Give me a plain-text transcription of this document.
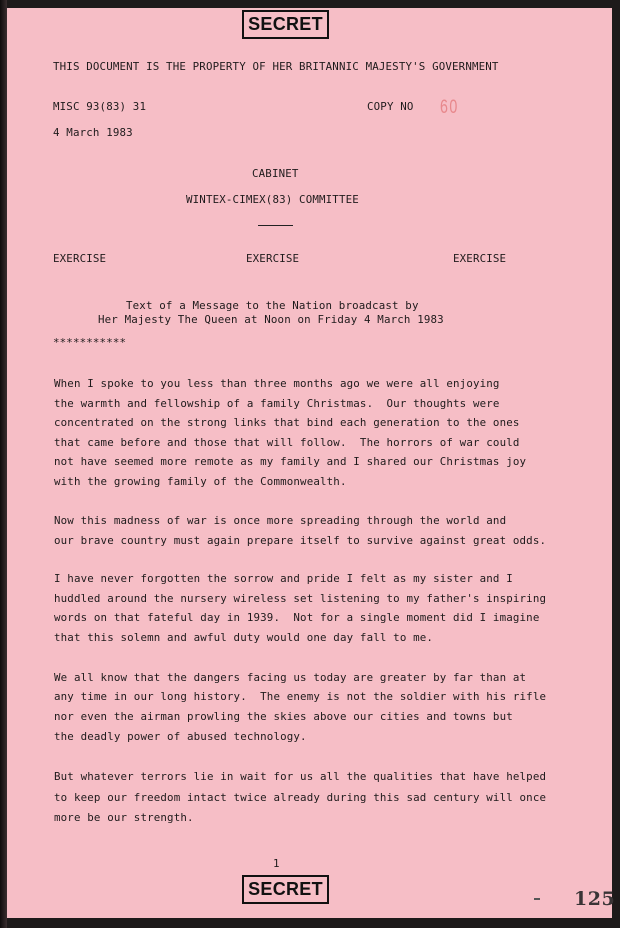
SECRET
THIS DOCUMENT IS THE PROPERTY OF HER BRITANNIC MAJESTY'S GOVERNMENT
MISC 93(83) 31	COPY NO 60
4 March 1983
CABINET
WINTEX-CIMEX(83) COMMITTEE
EXERCISE	EXERCISE	EXERCISE
Text of a Message to the Nation broadcast by
Her Majesty The Queen at Noon on Friday 4 March 1983
***********
When I spoke to you less than three months ago we were all enjoying
the warmth and fellowship of a family Christmas.  Our thoughts were
concentrated on the strong links that bind each generation to the ones
that came before and those that will follow.  The horrors of war could
not have seemed more remote as my family and I shared our Christmas joy
with the growing family of the Commonwealth.
Now this madness of war is once more spreading through the world and
our brave country must again prepare itself to survive against great odds.
I have never forgotten the sorrow and pride I felt as my sister and I
huddled around the nursery wireless set listening to my father's inspiring
words on that fateful day in 1939.  Not for a single moment did I imagine
that this solemn and awful duty would one day fall to me.
We all know that the dangers facing us today are greater by far than at
any time in our long history.  The enemy is not the soldier with his rifle
nor even the airman prowling the skies above our cities and towns but
the deadly power of abused technology.
But whatever terrors lie in wait for us all the qualities that have helped
to keep our freedom intact twice already during this sad century will once
more be our strength.
1
SECRET	125
